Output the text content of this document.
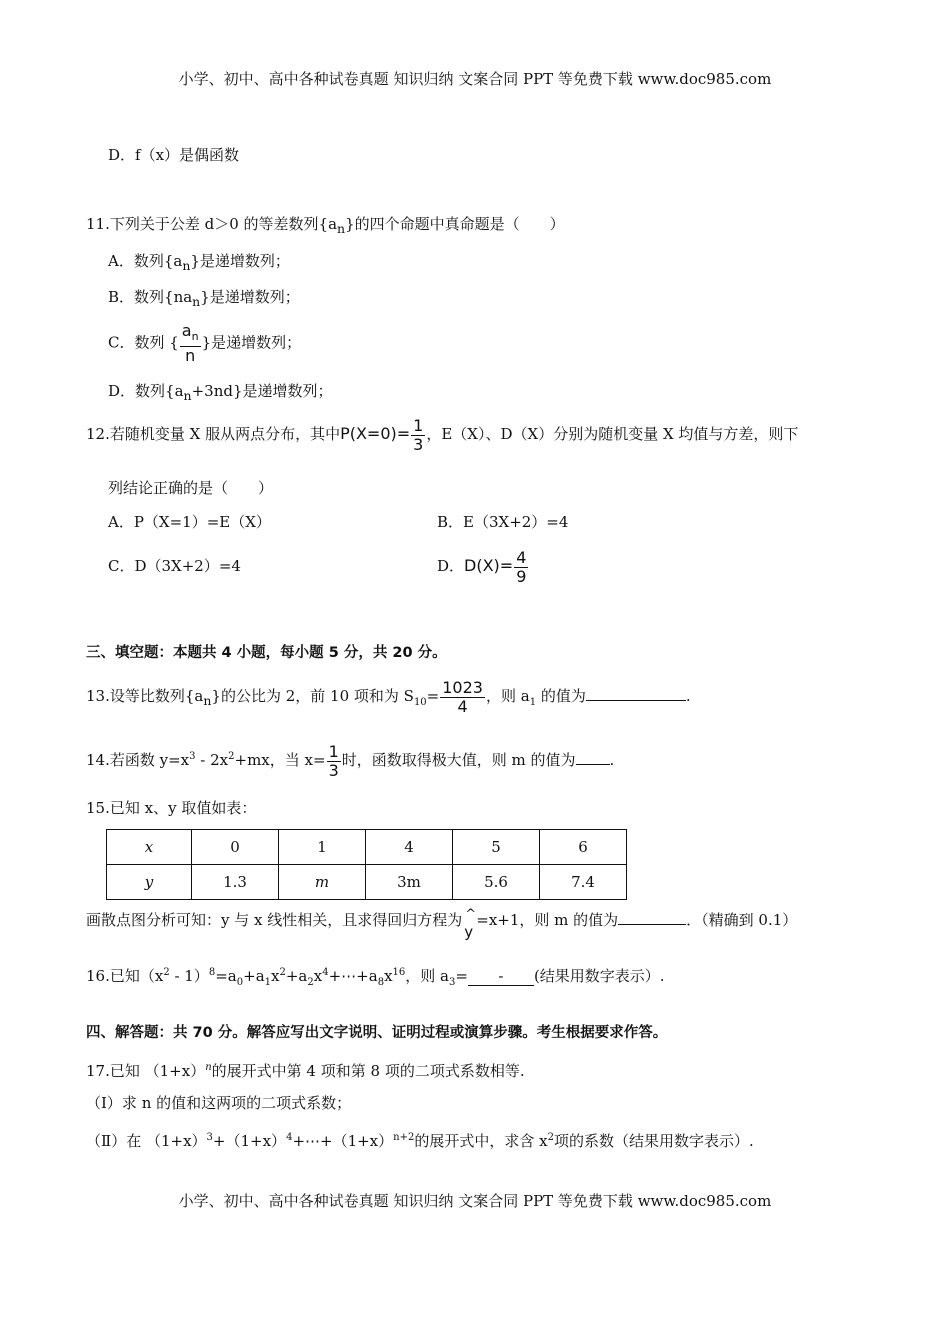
小学、初中、高中各种试卷真题 知识归纳 文案合同 PPT 等免费下载 www.doc985.com
D．f（x）是偶函数
11.下列关于公差 d＞0 的等差数列$\{a_n\}$的四个命题中真命题是（　　）
A．数列$\{a_n\}$是递增数列；
B．数列$\{na_n\}$是递增数列；
C．数列 { $\frac{a_n}{n}$ }是递增数列；
D．数列$\{a_n+3nd\}$是递增数列；
12.若随机变量 X 服从两点分布，其中$P(X=0)= \frac{1}{3}$ ，E（X）、D（X）分别为随机变量 X 均值与方差，则下
列结论正确的是（　　）
A．P（X=1）=E（X）	B．E（3X+2）=4
C．D（3X+2）=4	D．$D(X)= \frac{4}{9}$
三、填空题：本题共 4 小题，每小题 5 分，共 20 分。
13.设等比数列$\{a_n\}$的公比为 2，前 10 项和为 $S_{10}= \frac{1023}{4}$ ，则 $a_1$ 的值为	.
14.若函数 $y=x^3 - 2x^2+mx$，当 $x= \frac{1}{3}$ 时，函数取得极大值，则 m 的值为 .
15.已知 x、y 取值如表：
x	0	1	4	5	6
y	1.3	m	3m	5.6	7.4
画散点图分析可知：y 与 x 线性相关，且求得回归方程为 ^
y
=x+1，则 m 的值为	．（精确到 0.1）
16.已知（$x^2$ - $1)^8=a_0+a_1x^2+a_2x^4+\cdots+a_8x^{16}$，则 $a_3=$ - (结果用数字表示）.
四、解答题：共 70 分。解答应写出文字说明、证明过程或演算步骤。考生根据要求作答。
17.已知 $(1+x)^n$的展开式中第 4 项和第 8 项的二项式系数相等.
（Ⅰ）求 n 的值和这两项的二项式系数；
（Ⅱ）在 $(1+x)^3+(1+x)^4+\cdots+(1+x)^{n+2}$的展开式中，求含 $x^2$项的系数（结果用数字表示）.
小学、初中、高中各种试卷真题 知识归纳 文案合同 PPT 等免费下载 www.doc985.com
